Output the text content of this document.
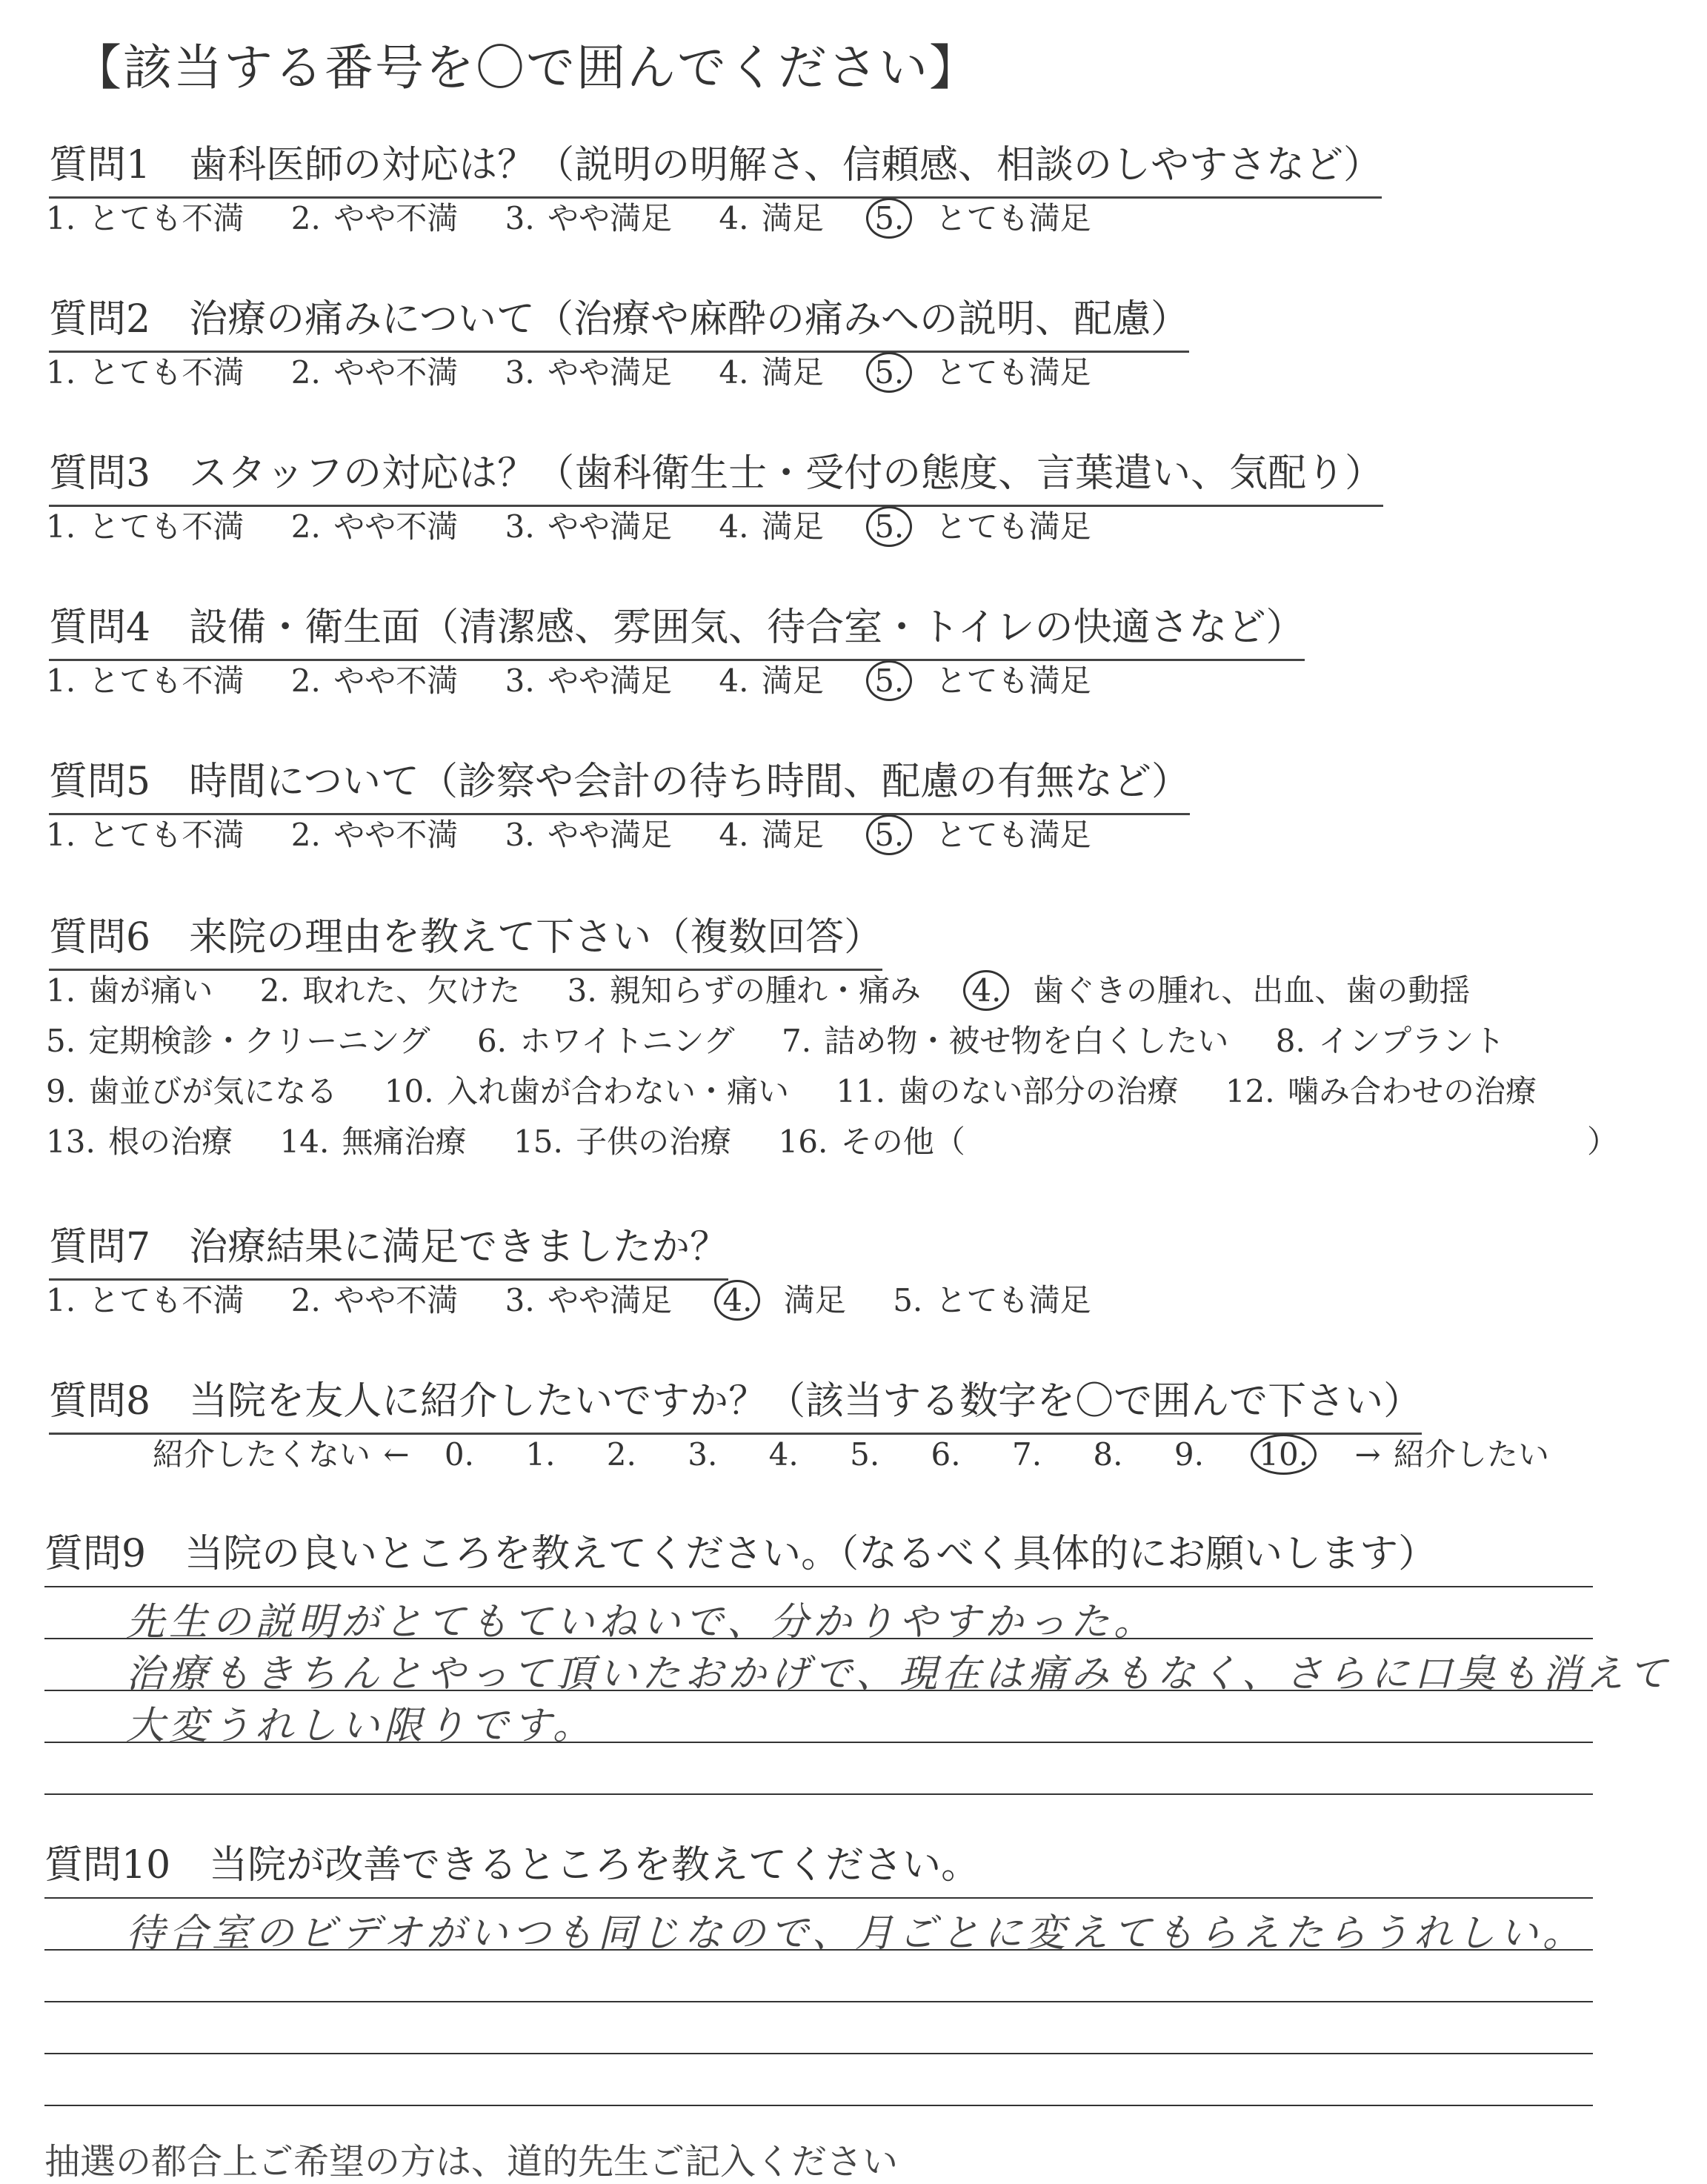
【該当する番号を〇で囲んでください】
質問1　歯科医師の対応は？（説明の明解さ、信頼感、相談のしやすさなど）
1. とても不満 2. やや不満 3. やや満足 4. 満足 5. とても満足
質問2　治療の痛みについて（治療や麻酔の痛みへの説明、配慮）
1. とても不満 2. やや不満 3. やや満足 4. 満足 5. とても満足
質問3　スタッフの対応は？（歯科衛生士・受付の態度、言葉遣い、気配り）
1. とても不満 2. やや不満 3. やや満足 4. 満足 5. とても満足
質問4　設備・衛生面（清潔感、雰囲気、待合室・トイレの快適さなど）
1. とても不満 2. やや不満 3. やや満足 4. 満足 5. とても満足
質問5　時間について（診察や会計の待ち時間、配慮の有無など）
1. とても不満 2. やや不満 3. やや満足 4. 満足 5. とても満足
質問6　来院の理由を教えて下さい（複数回答）
1. 歯が痛い 2. 取れた、欠けた 3. 親知らずの腫れ・痛み 4. 歯ぐきの腫れ、出血、歯の動揺
5. 定期検診・クリーニング 6. ホワイトニング 7. 詰め物・被せ物を白くしたい 8. インプラント
9. 歯並びが気になる 10. 入れ歯が合わない・痛い 11. 歯のない部分の治療 12. 噛み合わせの治療
13. 根の治療 14. 無痛治療 15. 子供の治療 16. その他（	）
質問7　治療結果に満足できましたか？
1. とても不満 2. やや不満 3. やや満足 4. 満足 5. とても満足
質問8　当院を友人に紹介したいですか？（該当する数字を〇で囲んで下さい）
紹介したくない ← 0. 1. 2. 3. 4. 5. 6. 7. 8. 9. 10. → 紹介したい
質問9　当院の良いところを教えてください。（なるべく具体的にお願いします）
先生の説明がとてもていねいで、分かりやすかった。
治療もきちんとやって頂いたおかげで、現在は痛みもなく、さらに口臭も消えて
大変うれしい限りです。
質問10　当院が改善できるところを教えてください。
待合室のビデオがいつも同じなので、月ごとに変えてもらえたらうれしい。
抽選の都合上ご希望の方は、道的先生ご記入ください
